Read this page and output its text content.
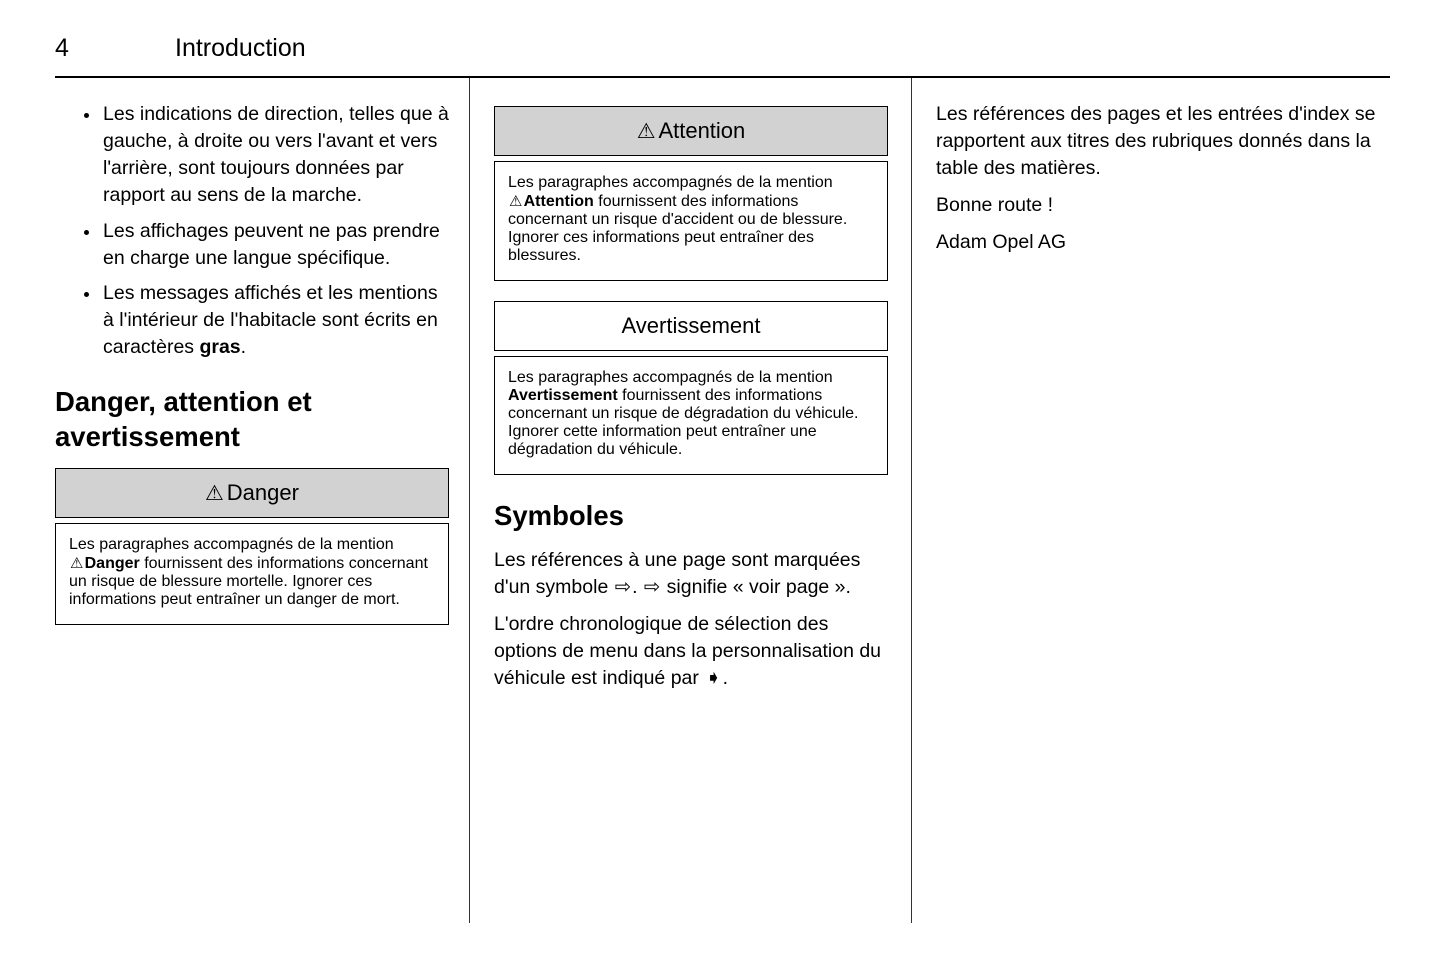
4	Introduction
• Les indications de direction, telles que à gauche, à droite ou vers l'avant et vers l'arrière, sont toujours données par rapport au sens de la marche.
• Les affichages peuvent ne pas prendre en charge une langue spécifique.
• Les messages affichés et les mentions à l'intérieur de l'habitacle sont écrits en caractères gras.
Danger, attention et avertissement
⚠ Danger
Les paragraphes accompagnés de la mention ⚠Danger fournissent des informations concernant un risque de blessure mortelle. Ignorer ces informations peut entraîner un danger de mort.
⚠ Attention
Les paragraphes accompagnés de la mention ⚠Attention fournissent des informations concernant un risque d'accident ou de blessure. Ignorer ces informations peut entraîner des blessures.
Avertissement
Les paragraphes accompagnés de la mention Avertissement fournissent des informations concernant un risque de dégradation du véhicule. Ignorer cette information peut entraîner une dégradation du véhicule.
Symboles

Les références à une page sont marquées d'un symbole ⇨. ⇨ signifie « voir page ».

L'ordre chronologique de sélection des options de menu dans la personnalisation du véhicule est indiqué par ➧.

Les références des pages et les entrées d'index se rapportent aux titres des rubriques donnés dans la table des matières.

Bonne route !

Adam Opel AG
